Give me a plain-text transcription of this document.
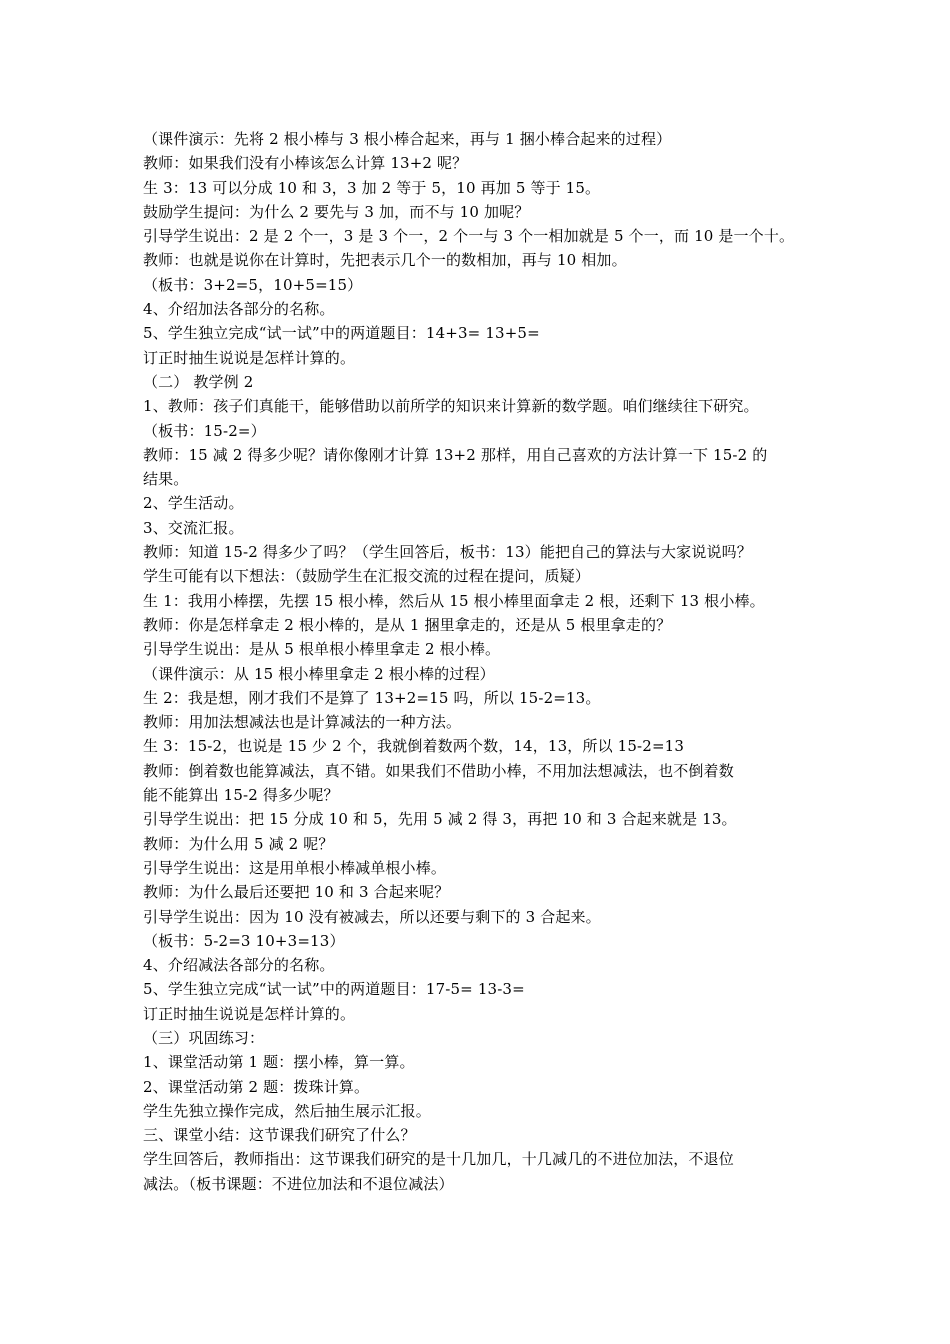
（课件演示：先将 2 根小棒与 3 根小棒合起来，再与 1 捆小棒合起来的过程）
教师：如果我们没有小棒该怎么计算 13+2 呢？
生 3：13 可以分成 10 和 3，3 加 2 等于 5，10 再加 5 等于 15。
鼓励学生提问：为什么 2 要先与 3 加，而不与 10 加呢？
引导学生说出：2 是 2 个一，3 是 3 个一，2 个一与 3 个一相加就是 5 个一，而 10 是一个十。
教师：也就是说你在计算时，先把表示几个一的数相加，再与 10 相加。
（板书：3+2=5，10+5=15）
4、介绍加法各部分的名称。
5、学生独立完成“试一试”中的两道题目：14+3= 13+5=
订正时抽生说说是怎样计算的。
（二） 教学例 2
1、教师：孩子们真能干，能够借助以前所学的知识来计算新的数学题。咱们继续往下研究。
（板书：15-2=）
教师：15 减 2 得多少呢？请你像刚才计算 13+2 那样，用自己喜欢的方法计算一下 15-2 的
结果。
2、学生活动。
3、交流汇报。
教师：知道 15-2 得多少了吗？（学生回答后，板书：13）能把自己的算法与大家说说吗？
学生可能有以下想法：（鼓励学生在汇报交流的过程在提问，质疑）
生 1：我用小棒摆，先摆 15 根小棒，然后从 15 根小棒里面拿走 2 根，还剩下 13 根小棒。
教师：你是怎样拿走 2 根小棒的，是从 1 捆里拿走的，还是从 5 根里拿走的？
引导学生说出：是从 5 根单根小棒里拿走 2 根小棒。
（课件演示：从 15 根小棒里拿走 2 根小棒的过程）
生 2：我是想，刚才我们不是算了 13+2=15 吗，所以 15-2=13。
教师：用加法想减法也是计算减法的一种方法。
生 3：15-2，也说是 15 少 2 个，我就倒着数两个数，14，13，所以 15-2=13
教师：倒着数也能算减法，真不错。如果我们不借助小棒，不用加法想减法，也不倒着数
能不能算出 15-2 得多少呢？
引导学生说出：把 15 分成 10 和 5，先用 5 减 2 得 3，再把 10 和 3 合起来就是 13。
教师：为什么用 5 减 2 呢？
引导学生说出：这是用单根小棒减单根小棒。
教师：为什么最后还要把 10 和 3 合起来呢？
引导学生说出：因为 10 没有被减去，所以还要与剩下的 3 合起来。
（板书：5-2=3 10+3=13）
4、介绍减法各部分的名称。
5、学生独立完成“试一试”中的两道题目：17-5= 13-3=
订正时抽生说说是怎样计算的。
（三）巩固练习：
1、课堂活动第 1 题：摆小棒，算一算。
2、课堂活动第 2 题：拨珠计算。
学生先独立操作完成，然后抽生展示汇报。
三、课堂小结：这节课我们研究了什么？
学生回答后，教师指出：这节课我们研究的是十几加几，十几减几的不进位加法，不退位
减法。（板书课题：不进位加法和不退位减法）
